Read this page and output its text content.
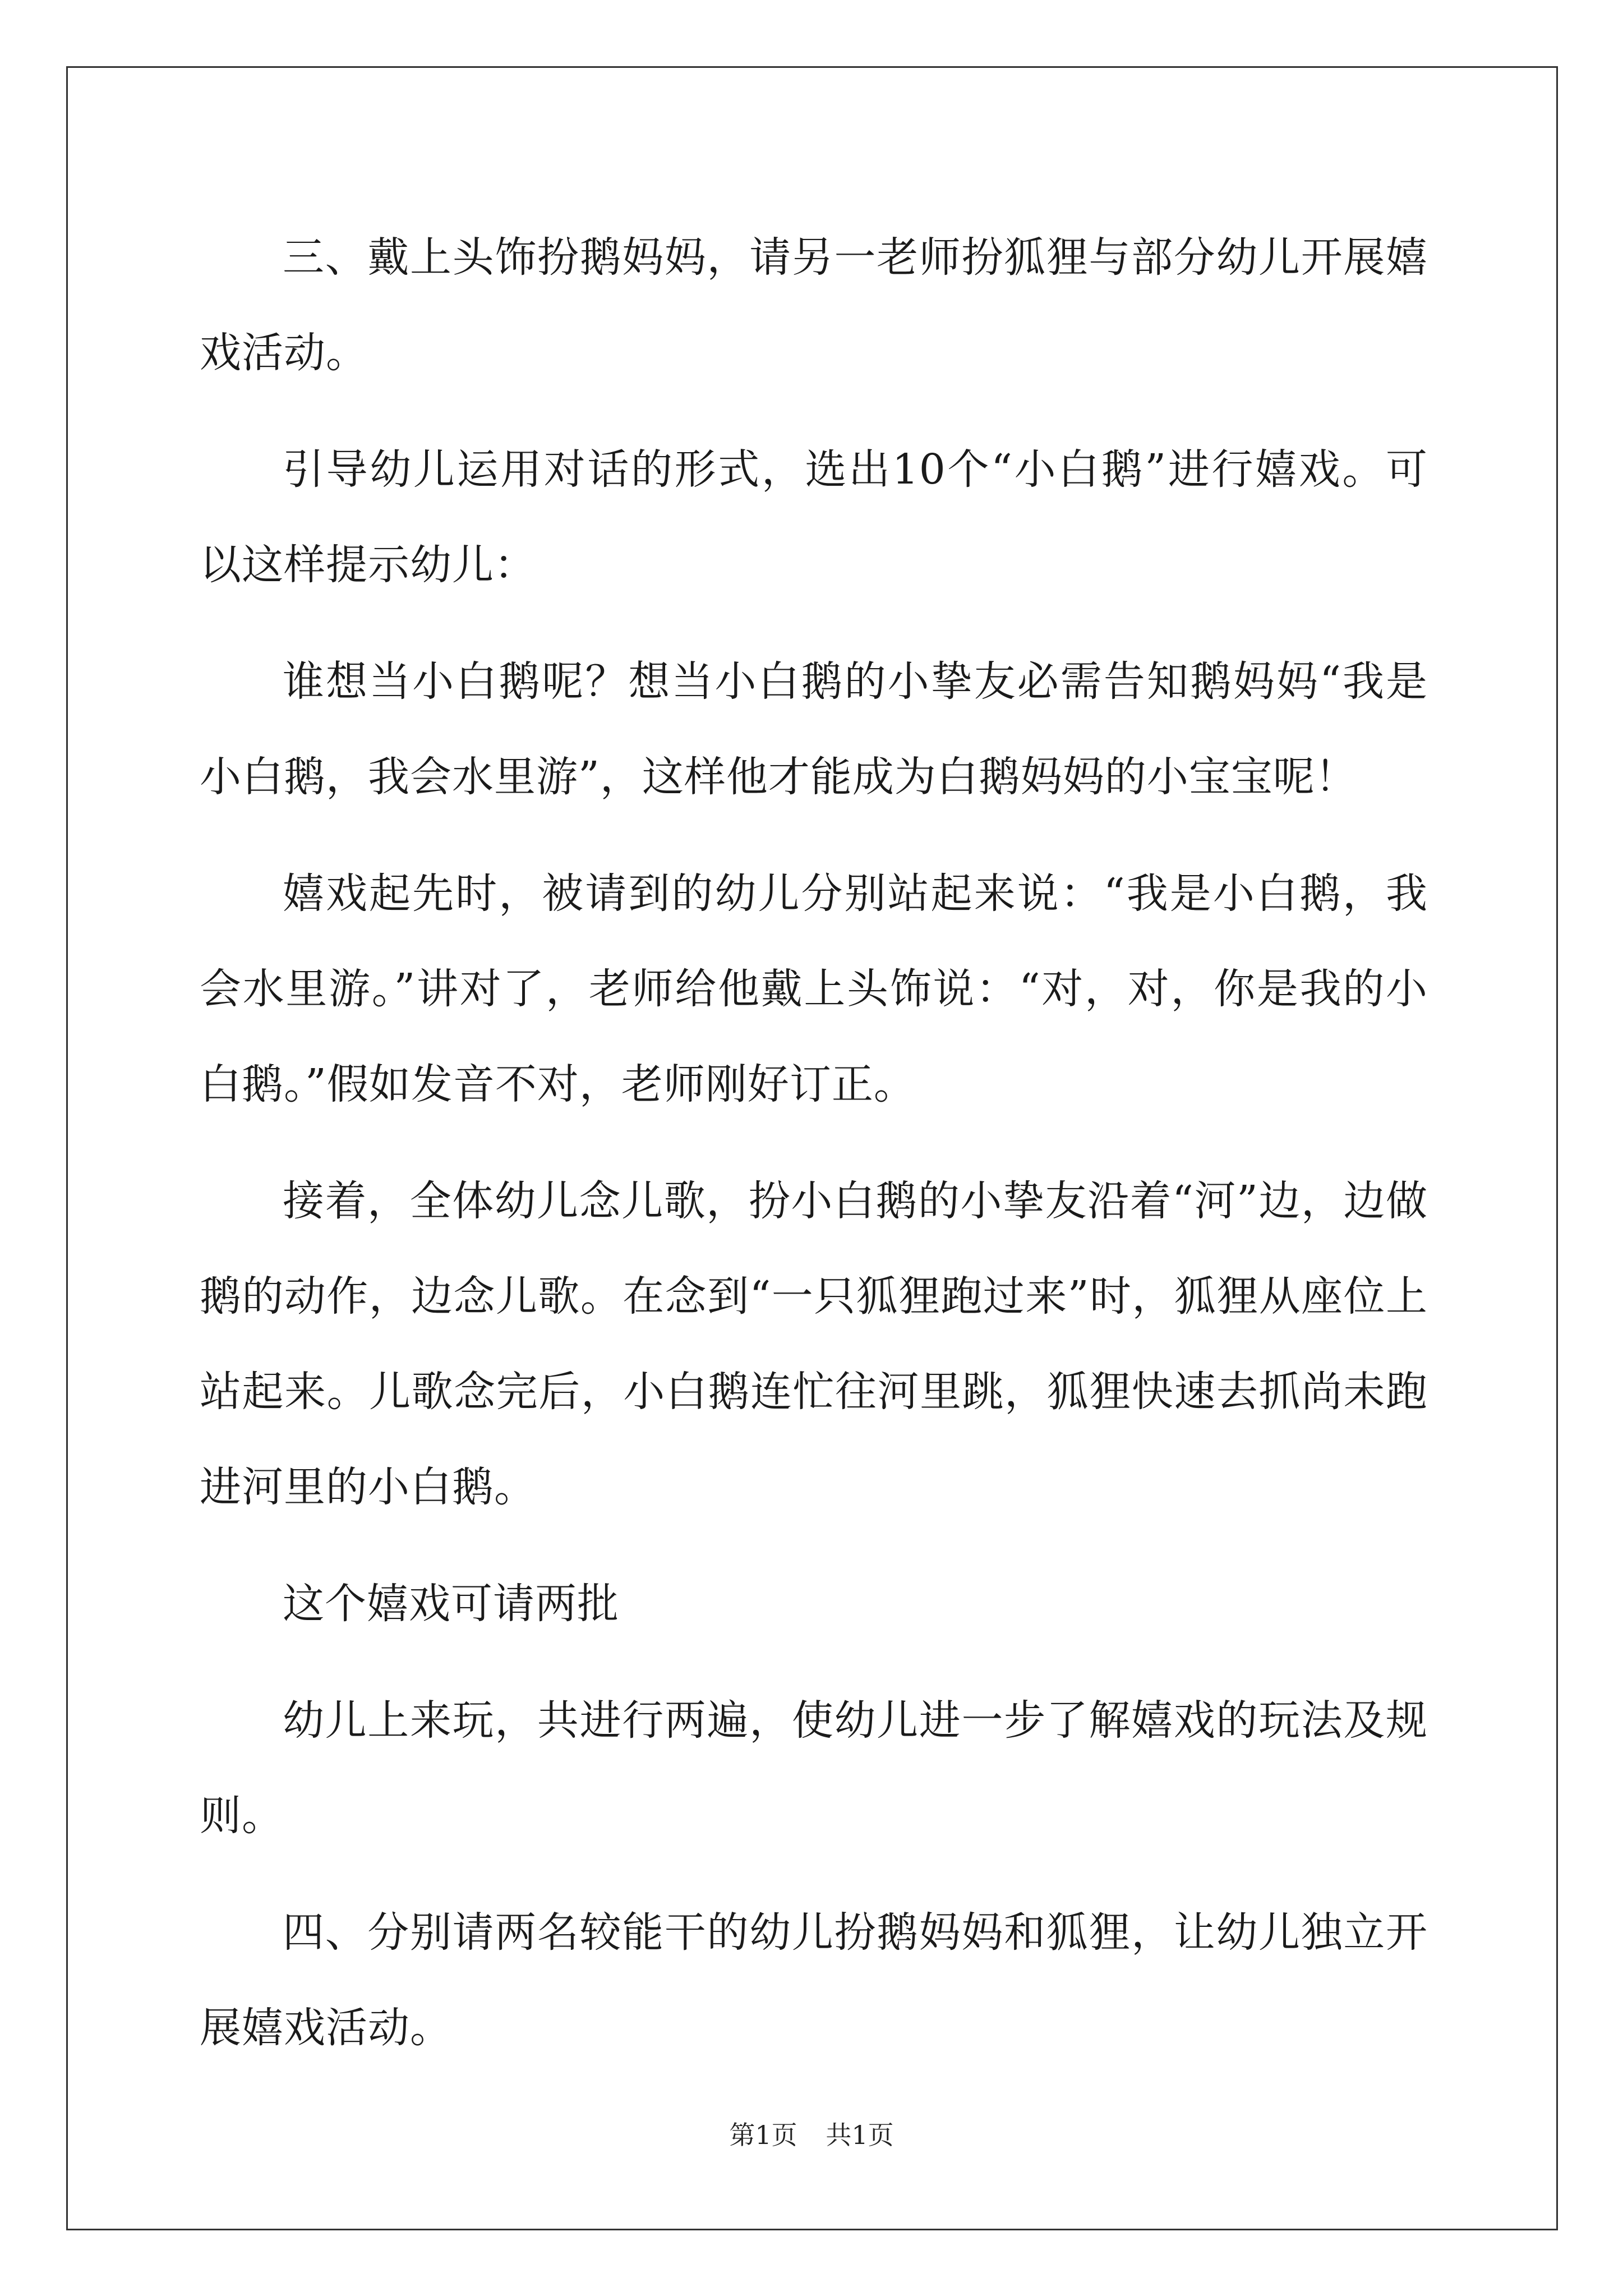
三、戴上头饰扮鹅妈妈，请另一老师扮狐狸与部分幼儿开展嬉戏活动。

引导幼儿运用对话的形式，选出10个“小白鹅”进行嬉戏。可以这样提示幼儿：

谁想当小白鹅呢？想当小白鹅的小挚友必需告知鹅妈妈“我是小白鹅，我会水里游”，这样他才能成为白鹅妈妈的小宝宝呢！

嬉戏起先时，被请到的幼儿分别站起来说：“我是小白鹅，我会水里游。”讲对了，老师给他戴上头饰说：“对，对，你是我的小白鹅。”假如发音不对，老师刚好订正。

接着，全体幼儿念儿歌，扮小白鹅的小挚友沿着“河”边，边做鹅的动作，边念儿歌。在念到“一只狐狸跑过来”时，狐狸从座位上站起来。儿歌念完后，小白鹅连忙往河里跳，狐狸快速去抓尚未跑进河里的小白鹅。

这个嬉戏可请两批

幼儿上来玩，共进行两遍，使幼儿进一步了解嬉戏的玩法及规则。

四、分别请两名较能干的幼儿扮鹅妈妈和狐狸，让幼儿独立开展嬉戏活动。

第1页 共1页
